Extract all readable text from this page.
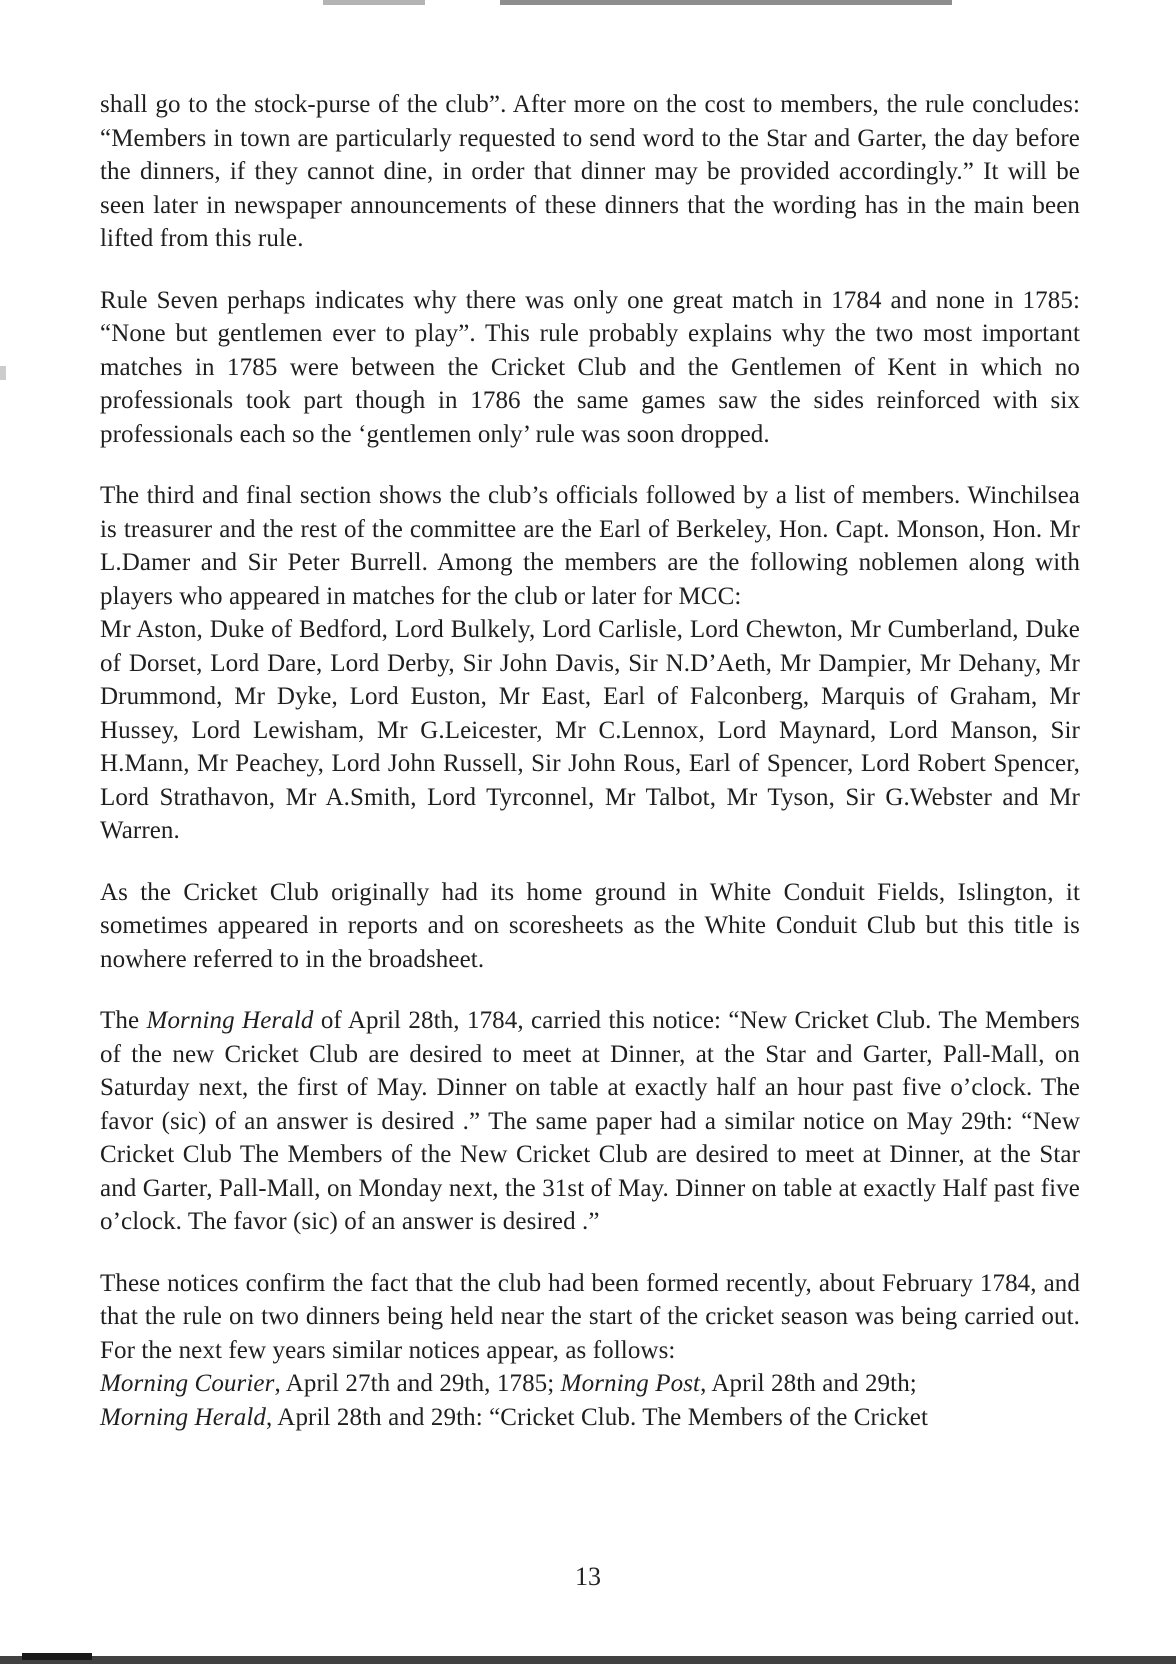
shall go to the stock-purse of the club”. After more on the cost to members, the rule concludes: “Members in town are particularly requested to send word to the Star and Garter, the day before the dinners, if they cannot dine, in order that dinner may be provided accordingly.” It will be seen later in newspaper announcements of these dinners that the wording has in the main been lifted from this rule.

Rule Seven perhaps indicates why there was only one great match in 1784 and none in 1785: “None but gentlemen ever to play”. This rule probably explains why the two most important matches in 1785 were between the Cricket Club and the Gentlemen of Kent in which no professionals took part though in 1786 the same games saw the sides reinforced with six professionals each so the ‘gentlemen only’ rule was soon dropped.

The third and final section shows the club’s officials followed by a list of members. Winchilsea is treasurer and the rest of the committee are the Earl of Berkeley, Hon. Capt. Monson, Hon. Mr L.Damer and Sir Peter Burrell. Among the members are the following noblemen along with players who appeared in matches for the club or later for MCC:
Mr Aston, Duke of Bedford, Lord Bulkely, Lord Carlisle, Lord Chewton, Mr Cumberland, Duke of Dorset, Lord Dare, Lord Derby, Sir John Davis, Sir N.D’Aeth, Mr Dampier, Mr Dehany, Mr Drummond, Mr Dyke, Lord Euston, Mr East, Earl of Falconberg, Marquis of Graham, Mr Hussey, Lord Lewisham, Mr G.Leicester, Mr C.Lennox, Lord Maynard, Lord Manson, Sir H.Mann, Mr Peachey, Lord John Russell, Sir John Rous, Earl of Spencer, Lord Robert Spencer, Lord Strathavon, Mr A.Smith, Lord Tyrconnel, Mr Talbot, Mr Tyson, Sir G.Webster and Mr Warren.

As the Cricket Club originally had its home ground in White Conduit Fields, Islington, it sometimes appeared in reports and on scoresheets as the White Conduit Club but this title is nowhere referred to in the broadsheet.

The Morning Herald of April 28th, 1784, carried this notice: “New Cricket Club. The Members of the new Cricket Club are desired to meet at Dinner, at the Star and Garter, Pall-Mall, on Saturday next, the first of May. Dinner on table at exactly half an hour past five o’clock. The favor (sic) of an answer is desired .” The same paper had a similar notice on May 29th: “New Cricket Club The Members of the New Cricket Club are desired to meet at Dinner, at the Star and Garter, Pall-Mall, on Monday next, the 31st of May. Dinner on table at exactly Half past five o’clock. The favor (sic) of an answer is desired .”

These notices confirm the fact that the club had been formed recently, about February 1784, and that the rule on two dinners being held near the start of the cricket season was being carried out. For the next few years similar notices appear, as follows:
Morning Courier, April 27th and 29th, 1785; Morning Post, April 28th and 29th;
Morning Herald, April 28th and 29th: “Cricket Club. The Members of the Cricket

13
